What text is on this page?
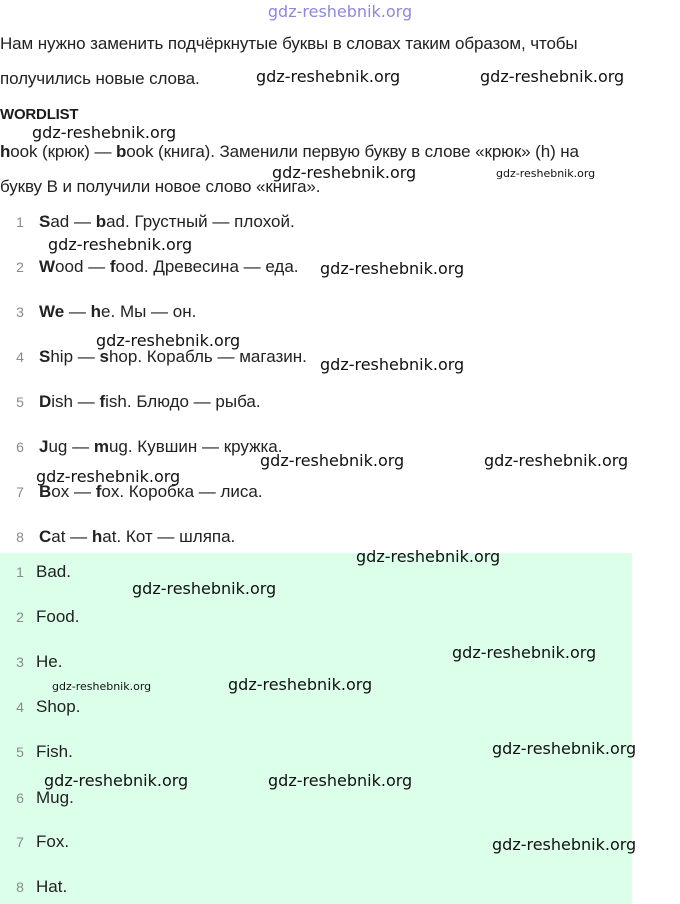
gdz-reshebnik.org
Нам нужно заменить подчёркнутые буквы в словах таким образом, чтобы
получились новые слова.
WORDLIST
hook (крюк) — book (книга). Заменили первую букву в слове «крюк» (h) на
букву B и получили новое слово «книга».
1 Sad — bad. Грустный — плохой.
2 Wood — food. Древесина — еда.
3 We — he. Мы — он.
4 Ship — shop. Корабль — магазин.
5 Dish — fish. Блюдо — рыба.
6 Jug — mug. Кувшин — кружка.
7 Box — fox. Коробка — лиса.
8 Cat — hat. Кот — шляпа.
1 Bad.
2 Food.
3 He.
4 Shop.
5 Fish.
6 Mug.
7 Fox.
8 Hat.
gdz-reshebnik.org	gdz-reshebnik.org
gdz-reshebnik.org
gdz-reshebnik.org	gdz-reshebnik.org
gdz-reshebnik.org
gdz-reshebnik.org
gdz-reshebnik.org
gdz-reshebnik.org
gdz-reshebnik.org	gdz-reshebnik.org
gdz-reshebnik.org
gdz-reshebnik.org
gdz-reshebnik.org
gdz-reshebnik.org
gdz-reshebnik.org
gdz-reshebnik.org
gdz-reshebnik.org
gdz-reshebnik.org	gdz-reshebnik.org
gdz-reshebnik.org
